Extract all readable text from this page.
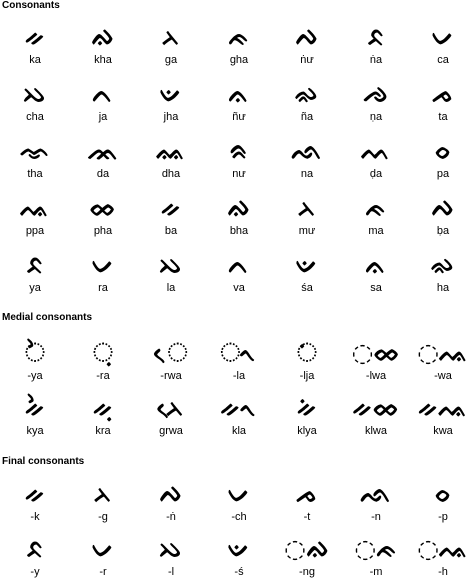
Consonants
ᨀ
ka
ᨁ
kha
ᨂ
ga
ᨃ
gha
ᨄ
ṅư
ᨅ
ṅa
ᨆ
ca
ᨇ
cha
ᨈ
ja
ᨉ
jha
ᨊ
ñư
ᨋ
ña
ᨌ
ṇa
ᨍ
ta
ᨎ
tha
ᨏ
da
ᨐ
dha
ᨑ
nư
ᨒ
na
ᨓ
ḍa
ᨔ
pa
ᨕ
ppa
ᨖ
pha
ᨀ
ba
ᨁ
bha
ᨂ
mư
ᨃ
ma
ᨄ
ḅa
ᨅ
ya
ᨆ
ra
ᨇ
la
ᨈ
va
ᨉ
śa
ᨊ
sa
ᨋ
ha
Medial consonants
◌ᨛ
-ya
◌ᨘ
-ra
◌ᨙ
-rwa
◌ᨚ
-la
◌ᨗ
-lja
◌ᨖ
-lwa
◌ᨕ
-wa
ᨀᨛ
kya
ᨀᨘ
kra
ᨂᨙ
grwa
ᨀᨚ
kla
ᨀᨗ
klya
ᨀᨖ
klwa
ᨀᨕ
kwa
Final consonants
ᨀ
-k
ᨂ
-g
ᨄ
-ṅ
ᨆ
-ch
ᨍ
-t
ᨒ
-n
ᨔ
-p
ᨅ
-y
ᨆ
-r
ᨇ
-l
ᨉ
-ś
◌ᨁ
-ng
◌ᨃ
-m
◌ᨕ
-h
